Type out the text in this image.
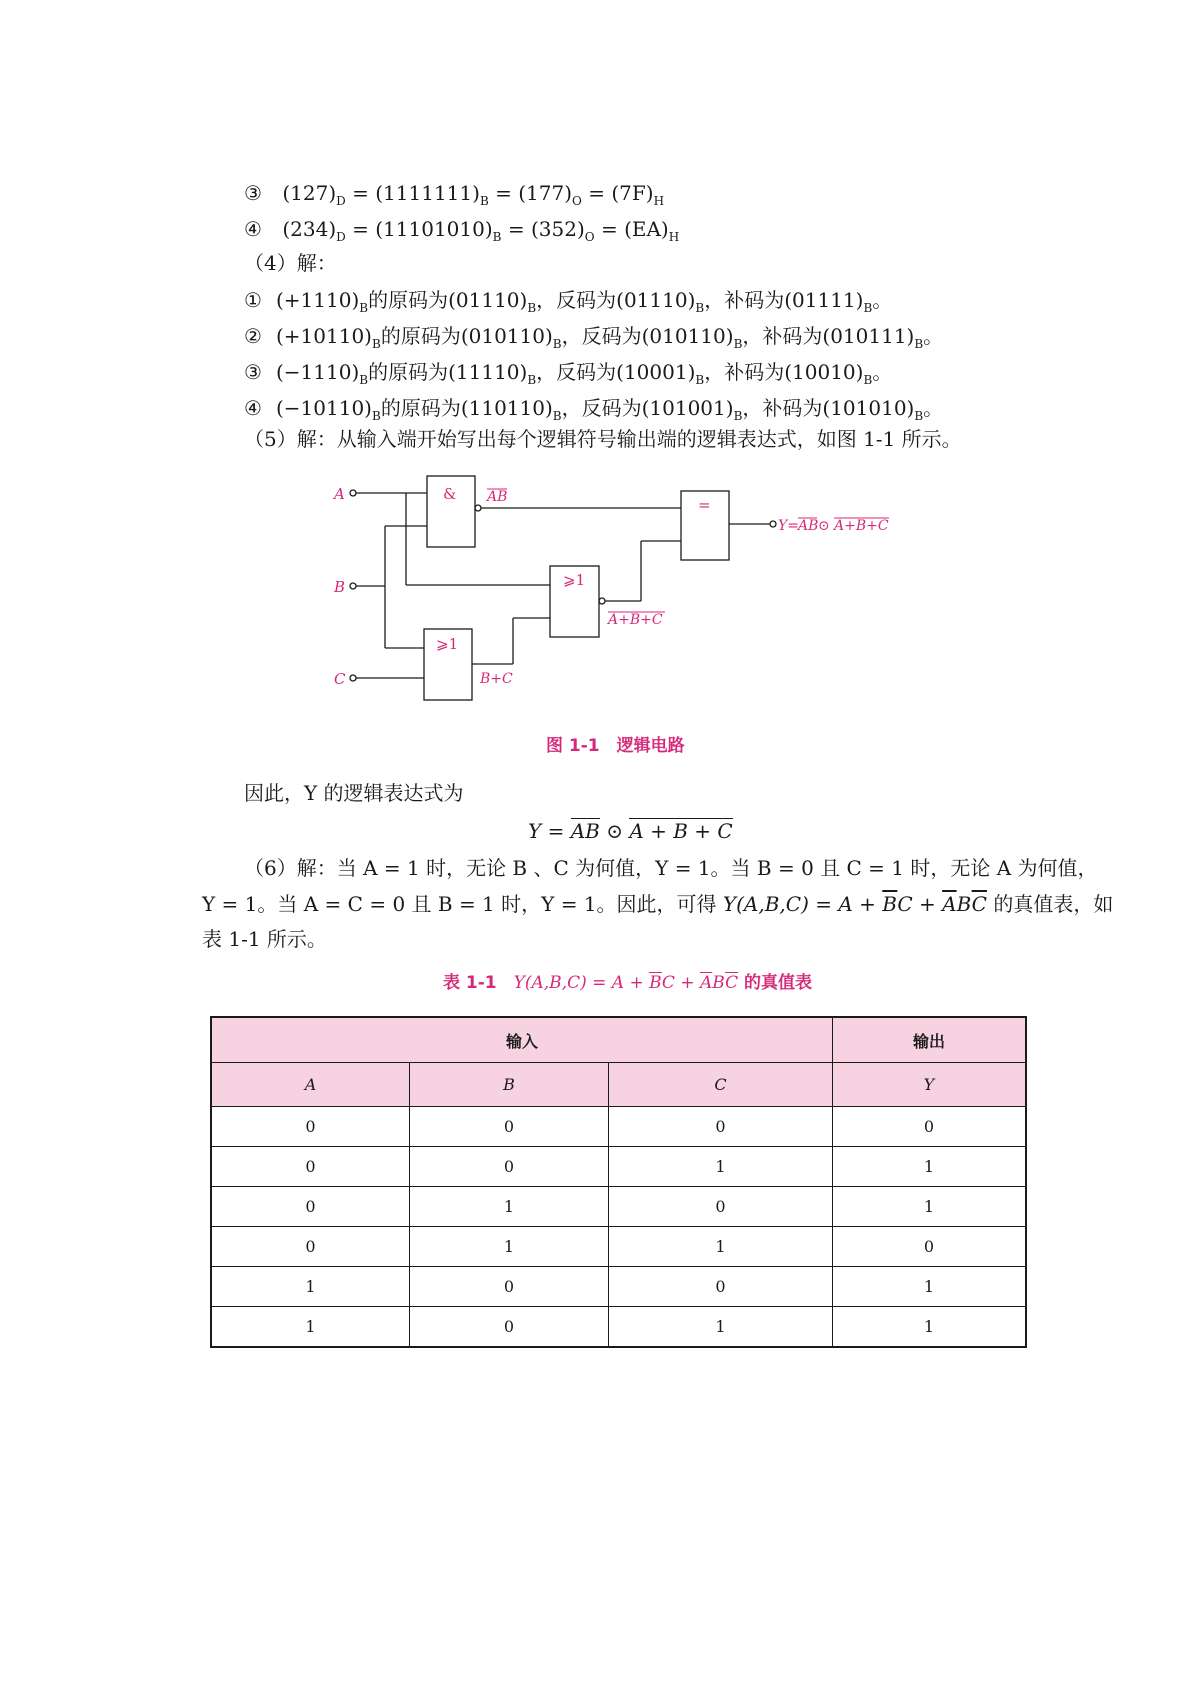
③ $(127)_D = (1111111)_B = (177)_O = (7F)_H$
④ $(234)_D = (11101010)_B = (352)_O = (EA)_H$
（4）解：
① $(+1110)_B$的原码为$(01110)_B$，反码为$(01110)_B$，补码为$(01111)_B$。
② $(+10110)_B$的原码为$(010110)_B$，反码为$(010110)_B$，补码为$(010111)_B$。
③ $(-1110)_B$的原码为$(11110)_B$，反码为$(10001)_B$，补码为$(10010)_B$。
④ $(-10110)_B$的原码为$(110110)_B$，反码为$(101001)_B$，补码为$(101010)_B$。
（5）解：从输入端开始写出每个逻辑符号输出端的逻辑表达式，如图 1-1 所示。
A
B
C
&
=
⩾1
⩾1
AB
A+B+C
B+C
Y= AB ⊙ A+B+C
图 1-1　逻辑电路
因此，Y 的逻辑表达式为
Y = AB ⊙ A + B + C
（6）解：当 A = 1 时，无论 B 、C 为何值，Y = 1。当 B = 0 且 C = 1 时，无论 A 为何值，
Y = 1。当 A = C = 0 且 B = 1 时，Y = 1。因此，可得 $Y(A,B,C) = A + \overline{B}C + \overline{A}B\overline{C}$ 的真值表，如
表 1-1 所示。
表 1-1　$Y(A,B,C) = A + \overline{B}C + \overline{A}B\overline{C}$ 的真值表
输入			输出
A	B	C	Y
0	0	0	0
0	0	1	1
0	1	0	1
0	1	1	0
1	0	0	1
1	0	1	1
